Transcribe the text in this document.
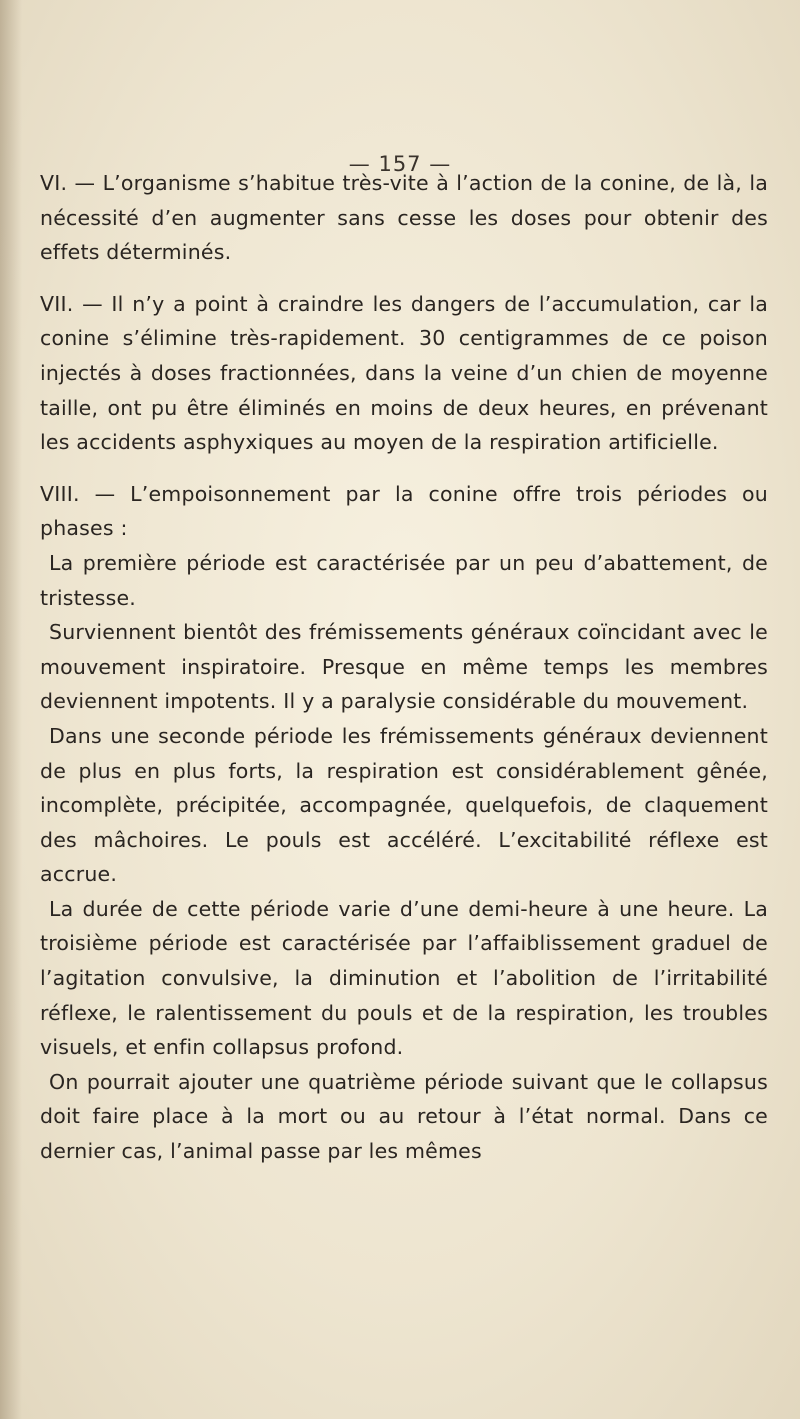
— 157 —

VI. — L’organisme s’habitue très-vite à l’action de la conine, de là, la nécessité d’en augmenter sans cesse les doses pour obtenir des effets déterminés.

VII. — Il n’y a point à craindre les dangers de l’accumulation, car la conine s’élimine très-rapidement. 30 centigrammes de ce poison injectés à doses fractionnées, dans la veine d’un chien de moyenne taille, ont pu être éliminés en moins de deux heures, en prévenant les accidents asphyxiques au moyen de la respiration artificielle.

VIII. — L’empoisonnement par la conine offre trois périodes ou phases :

La première période est caractérisée par un peu d’abattement, de tristesse.

Surviennent bientôt des frémissements généraux coïncidant avec le mouvement inspiratoire. Presque en même temps les membres deviennent impotents. Il y a paralysie considérable du mouvement.

Dans une seconde période les frémissements généraux deviennent de plus en plus forts, la respiration est considérablement gênée, incomplète, précipitée, accompagnée, quelquefois, de claquement des mâchoires. Le pouls est accéléré. L’excitabilité réflexe est accrue.

La durée de cette période varie d’une demi-heure à une heure. La troisième période est caractérisée par l’affaiblissement graduel de l’agitation convulsive, la diminution et l’abolition de l’irritabilité réflexe, le ralentissement du pouls et de la respiration, les troubles visuels, et enfin collapsus profond.

On pourrait ajouter une quatrième période suivant que le collapsus doit faire place à la mort ou au retour à l’état normal. Dans ce dernier cas, l’animal passe par les mêmes
